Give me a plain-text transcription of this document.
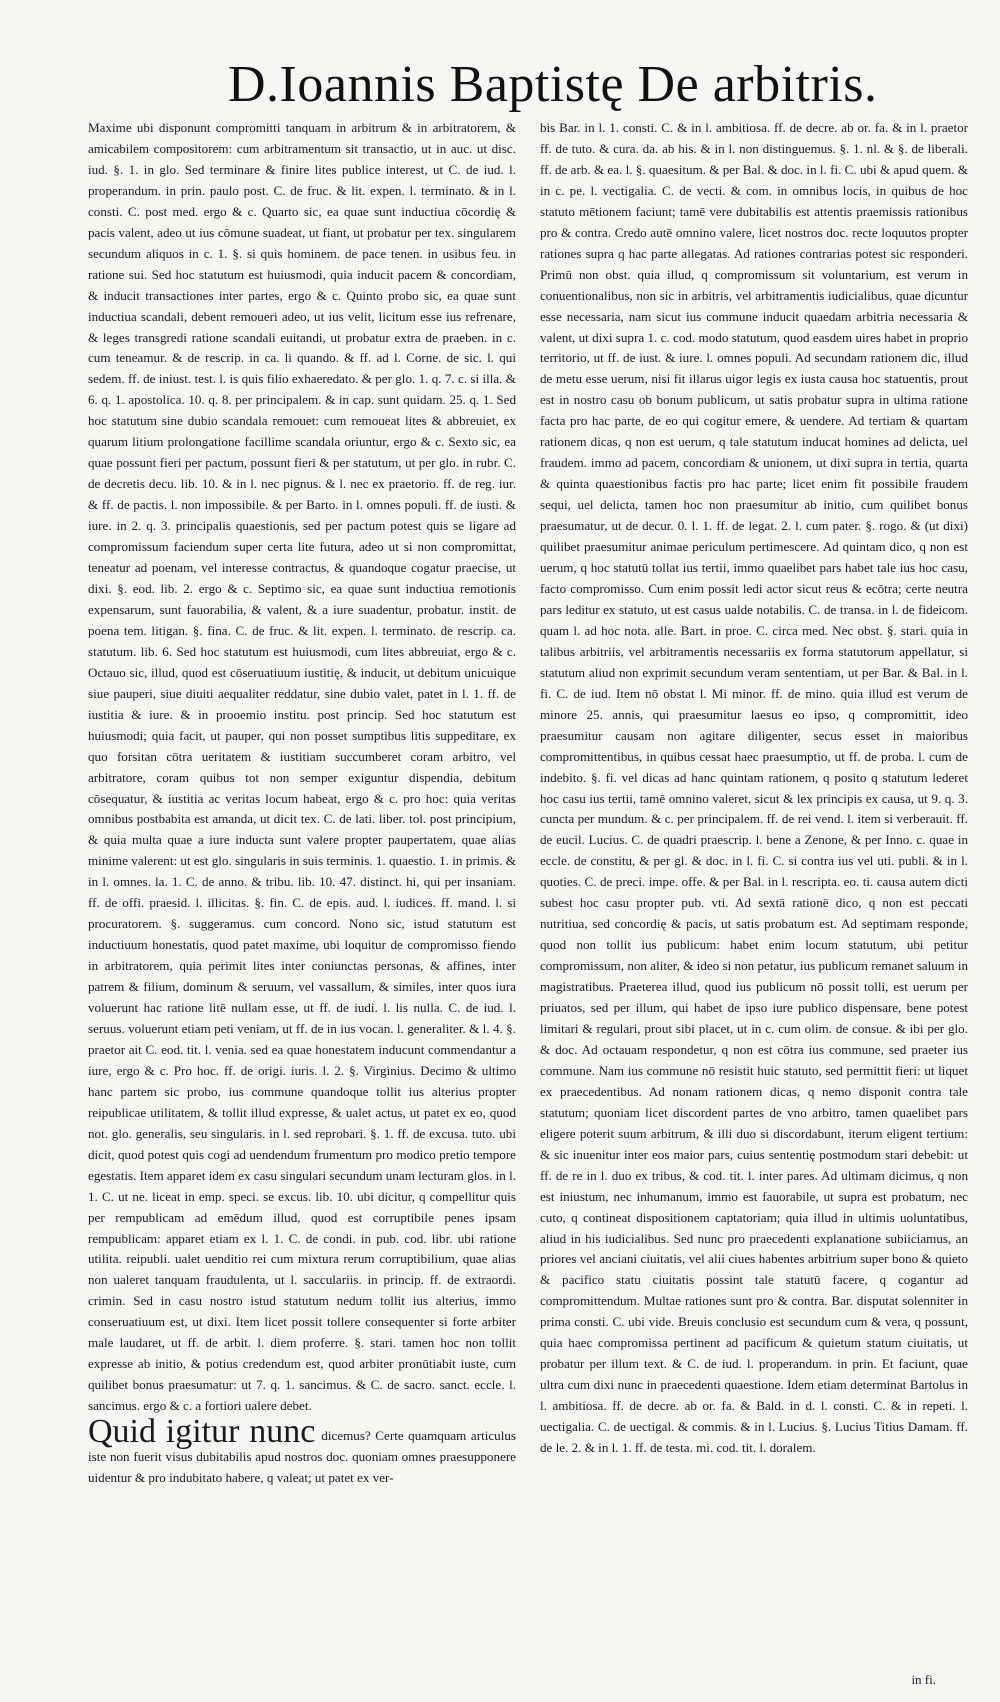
D.Ioannis Baptistę De arbitris.

Maxime ubi disponunt compromitti tanquam in arbitrum & in arbitratorem, & amicabilem compositorem: cum arbitramentum sit transactio, ut in auc. ut disc. iud. §. 1. in glo. Sed terminare & finire lites publice interest, ut C. de iud. l. properandum. in prin. paulo post. C. de fruc. & lit. expen. l. terminato. & in l. consti. C. post med. ergo & c. Quarto sic, ea quae sunt inductiua cōcordię & pacis valent, adeo ut ius cōmune suadeat, ut fiant, ut probatur per tex. singularem secundum aliquos in c. 1. §. si quis hominem. de pace tenen. in usibus feu. in ratione sui. Sed hoc statutum est huiusmodi, quia inducit pacem & concordiam, & inducit transactiones inter partes, ergo & c. Quinto probo sic, ea quae sunt inductiua scandali, debent remoueri adeo, ut ius velit, licitum esse ius refrenare, & leges transgredi ratione scandali euitandi, ut probatur extra de praeben. in c. cum teneamur. & de rescrip. in ca. li quando. & ff. ad l. Corne. de sic. l. qui sedem. ff. de iniust. test. l. is quis filio exhaeredato. & per glo. 1. q. 7. c. si illa. & 6. q. 1. apostolica. 10. q. 8. per principalem. & in cap. sunt quidam. 25. q. 1. Sed hoc statutum sine dubio scandala remouet: cum remoueat lites & abbreuiet, ex quarum litium prolongatione facillime scandala oriuntur, ergo & c. Sexto sic, ea quae possunt fieri per pactum, possunt fieri & per statutum, ut per glo. in rubr. C. de decretis decu. lib. 10. & in l. nec pignus. & l. nec ex praetorio. ff. de reg. iur. & ff. de pactis. l. non impossibile. & per Barto. in l. omnes populi. ff. de iusti. & iure. in 2. q. 3. principalis quaestionis, sed per pactum potest quis se ligare ad compromissum faciendum super certa lite futura, adeo ut si non compromittat, teneatur ad poenam, vel interesse contractus, & quandoque cogatur praecise, ut dixi. §. eod. lib. 2. ergo & c. Septimo sic, ea quae sunt inductiua remotionis expensarum, sunt fauorabilia, & valent, & a iure suadentur, probatur. instit. de poena tem. litigan. §. fina. C. de fruc. & lit. expen. l. terminato. de rescrip. ca. statutum. lib. 6. Sed hoc statutum est huiusmodi, cum lites abbreuiat, ergo & c. Octauo sic, illud, quod est cōseruatiuum iustitię, & inducit, ut debitum unicuique siue pauperi, siue diuiti aequaliter reddatur, sine dubio valet, patet in l. 1. ff. de iustitia & iure. & in prooemio institu. post princip. Sed hoc statutum est huiusmodi; quia facit, ut pauper, qui non posset sumptibus litis suppeditare, ex quo forsitan cōtra ueritatem & iustitiam succumberet coram arbitro, vel arbitratore, coram quibus tot non semper exiguntur dispendia, debitum cōsequatur, & iustitia ac veritas locum habeat, ergo & c. pro hoc: quia veritas omnibus postbabita est amanda, ut dicit tex. C. de lati. liber. tol. post principium, & quia multa quae a iure inducta sunt valere propter paupertatem, quae alias minime valerent: ut est glo. singularis in suis terminis. 1. quaestio. 1. in primis. & in l. omnes. la. 1. C. de anno. & tribu. lib. 10. 47. distinct. hi, qui per insaniam. ff. de offi. praesid. l. illicitas. §. fin. C. de epis. aud. l. iudices. ff. mand. l. si procuratorem. §. suggeramus. cum concord. Nono sic, istud statutum est inductiuum honestatis, quod patet maxime, ubi loquitur de compromisso fiendo in arbitratorem, quia perimit lites inter coniunctas personas, & affines, inter patrem & filium, dominum & seruum, vel vassallum, & similes, inter quos iura voluerunt hac ratione litē nullam esse, ut ff. de iudi. l. lis nulla. C. de iud. l. seruus. voluerunt etiam peti veniam, ut ff. de in ius vocan. l. generaliter. & l. 4. §. praetor ait C. eod. tit. l. venia. sed ea quae honestatem inducunt commendantur a iure, ergo & c. Pro hoc. ff. de origi. iuris. l. 2. §. Virginius. Decimo & ultimo hanc partem sic probo, ius commune quandoque tollit ius alterius propter reipublicae utilitatem, & tollit illud expresse, & ualet actus, ut patet ex eo, quod not. glo. generalis, seu singularis. in l. sed reprobari. §. 1. ff. de excusa. tuto. ubi dicit, quod potest quis cogi ad uendendum frumentum pro modico pretio tempore egestatis. Item apparet idem ex casu singulari secundum unam lecturam glos. in l. 1. C. ut ne. liceat in emp. speci. se excus. lib. 10. ubi dicitur, q compellitur quis per rempublicam ad emēdum illud, quod est corruptibile penes ipsam rempublicam: apparet etiam ex l. 1. C. de condi. in pub. cod. libr. ubi ratione utilita. reipubli. ualet uenditio rei cum mixtura rerum corruptibilium, quae alias non ualeret tanquam fraudulenta, ut l. sacculariis. in princip. ff. de extraordi. crimin. Sed in casu nostro istud statutum nedum tollit ius alterius, immo conseruatiuum est, ut dixi. Item licet possit tollere consequenter si forte arbiter male laudaret, ut ff. de arbit. l. diem proferre. §. stari. tamen hoc non tollit expresse ab initio, & potius credendum est, quod arbiter pronūtiabit iuste, cum quilibet bonus praesumatur: ut 7. q. 1. sancimus. & C. de sacro. sanct. eccle. l. sancimus. ergo & c. a fortiori ualere debet.

Quid igitur nunc dicemus? Certe quamquam articulus iste non fuerit visus dubitabilis apud nostros doc. quoniam omnes praesupponere uidentur & pro indubitato habere, q valeat; ut patet ex ver-

bis Bar. in l. 1. consti. C. & in l. ambitiosa. ff. de decre. ab or. fa. & in l. praetor ff. de tuto. & cura. da. ab his. & in l. non distinguemus. §. 1. nl. & §. de liberali. ff. de arb. & ea. l. §. quaesitum. & per Bal. & doc. in l. fi. C. ubi & apud quem. & in c. pe. l. vectigalia. C. de vecti. & com. in omnibus locis, in quibus de hoc statuto mētionem faciunt; tamē vere dubitabilis est attentis praemissis rationibus pro & contra. Credo autē omnino valere, licet nostros doc. recte loquutos propter rationes supra q hac parte allegatas. Ad rationes contrarias potest sic responderi. Primū non obst. quia illud, q compromissum sit voluntarium, est verum in conuentionalibus, non sic in arbitris, vel arbitramentis iudicialibus, quae dicuntur esse necessaria, nam sicut ius commune inducit quaedam arbitria necessaria & valent, ut dixi supra 1. c. cod. modo statutum, quod easdem uires habet in proprio territorio, ut ff. de iust. & iure. l. omnes populi. Ad secundam rationem dic, illud de metu esse uerum, nisi fit illarus uigor legis ex iusta causa hoc statuentis, prout est in nostro casu ob bonum publicum, ut satis probatur supra in ultima ratione facta pro hac parte, de eo qui cogitur emere, & uendere. Ad tertiam & quartam rationem dicas, q non est uerum, q tale statutum inducat homines ad delicta, uel fraudem. immo ad pacem, concordiam & unionem, ut dixi supra in tertia, quarta & quinta quaestionibus factis pro hac parte; licet enim fit possibile fraudem sequi, uel delicta, tamen hoc non praesumitur ab initio, cum quilibet bonus praesumatur, ut de decur. 0. l. 1. ff. de legat. 2. l. cum pater. §. rogo. & (ut dixi) quilibet praesumitur animae periculum pertimescere. Ad quintam dico, q non est uerum, q hoc statutū tollat ius tertii, immo quaelibet pars habet tale ius hoc casu, facto compromisso. Cum enim possit ledi actor sicut reus & ecōtra; certe neutra pars leditur ex statuto, ut est casus ualde notabilis. C. de transa. in l. de fideicom. quam l. ad hoc nota. alle. Bart. in proe. C. circa med. Nec obst. §. stari. quia in talibus arbitriis, vel arbitramentis necessariis ex forma statutorum appellatur, si statutum aliud non exprimit secundum veram sententiam, ut per Bar. & Bal. in l. fi. C. de iud. Item nō obstat l. Mi minor. ff. de mino. quia illud est verum de minore 25. annis, qui praesumitur laesus eo ipso, q compromittit, ideo praesumitur causam non agitare diligenter, secus esset in maioribus compromittentibus, in quibus cessat haec praesumptio, ut ff. de proba. l. cum de indebito. §. fi. vel dicas ad hanc quintam rationem, q posito q statutum lederet hoc casu ius tertii, tamē omnino valeret, sicut & lex principis ex causa, ut 9. q. 3. cuncta per mundum. & c. per principalem. ff. de rei vend. l. item si verberauit. ff. de eucil. Lucius. C. de quadri praescrip. l. bene a Zenone, & per Inno. c. quae in eccle. de constitu, & per gl. & doc. in l. fi. C. si contra ius vel uti. publi. & in l. quoties. C. de preci. impe. offe. & per Bal. in l. rescripta. eo. ti. causa autem dicti subest hoc casu propter pub. vti. Ad sextā rationē dico, q non est peccati nutritiua, sed concordię & pacis, ut satis probatum est. Ad septimam responde, quod non tollit ius publicum: habet enim locum statutum, ubi petitur compromissum, non aliter, & ideo si non petatur, ius publicum remanet saluum in magistratibus. Praeterea illud, quod ius publicum nō possit tolli, est uerum per priuatos, sed per illum, qui habet de ipso iure publico dispensare, bene potest limitari & regulari, prout sibi placet, ut in c. cum olim. de consue. & ibi per glo. & doc. Ad octauam respondetur, q non est cōtra ius commune, sed praeter ius commune. Nam ius commune nō resistit huic statuto, sed permittit fieri: ut liquet ex praecedentibus. Ad nonam rationem dicas, q nemo disponit contra tale statutum; quoniam licet discordent partes de vno arbitro, tamen quaelibet pars eligere poterit suum arbitrum, & illi duo si discordabunt, iterum eligent tertium: & sic inuenitur inter eos maior pars, cuius sententię postmodum stari debebit: ut ff. de re in l. duo ex tribus, & cod. tit. l. inter pares. Ad ultimam dicimus, q non est iniustum, nec inhumanum, immo est fauorabile, ut supra est probatum, nec cuto, q contineat dispositionem captatoriam; quia illud in ultimis uoluntatibus, aliud in his iudicialibus. Sed nunc pro praecedenti explanatione subiiciamus, an priores vel anciani ciuitatis, vel alii ciues habentes arbitrium super bono & quieto & pacifico statu ciuitatis possint tale statutū facere, q cogantur ad compromittendum. Multae rationes sunt pro & contra. Bar. disputat solenniter in prima consti. C. ubi vide. Breuis conclusio est secundum cum & vera, q possunt, quia haec compromissa pertinent ad pacificum & quietum statum ciuitatis, ut probatur per illum text. & C. de iud. l. properandum. in prin. Et faciunt, quae ultra cum dixi nunc in praecedenti quaestione. Idem etiam determinat Bartolus in l. ambitiosa. ff. de decre. ab or. fa. & Bald. in d. l. consti. C. & in repeti. l. uectigalia. C. de uectigal. & commis. & in l. Lucius. §. Lucius Titius Damam. ff. de le. 2. & in l. 1. ff. de testa. mi. cod. tit. l. doralem.

in fi.
